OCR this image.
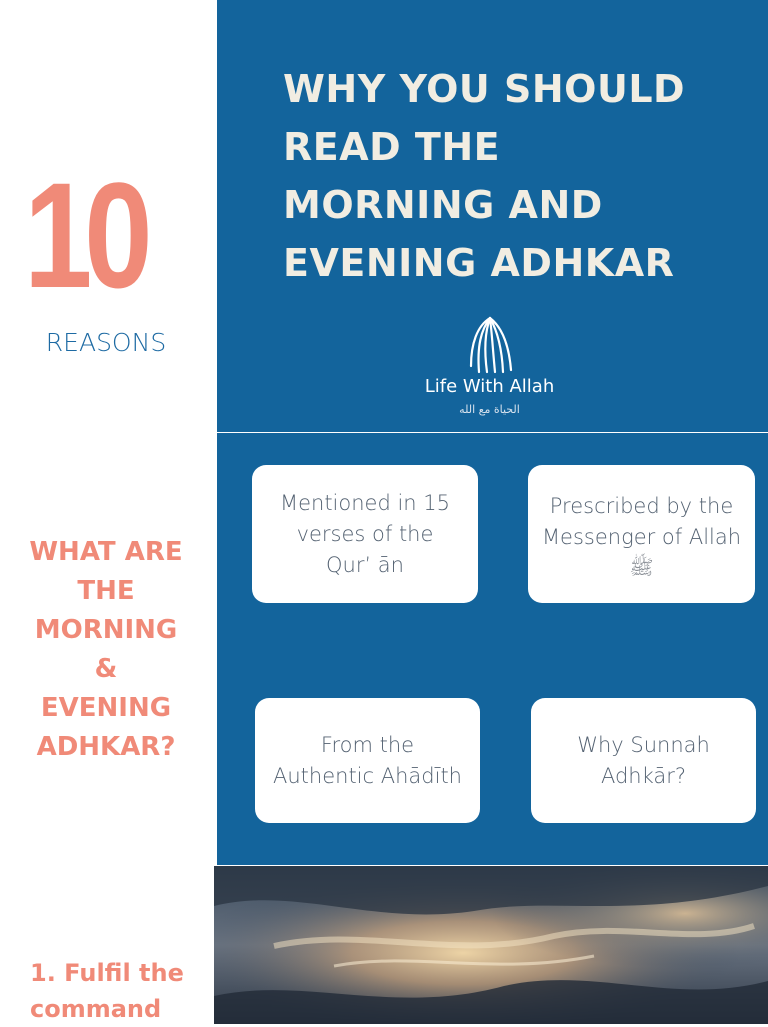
10
REASONS
WHAT ARE
THE
MORNING
&
EVENING
ADHKAR?
1. Fulfil the
command
WHY YOU SHOULD
READ THE
MORNING AND
EVENING ADHKAR
Life With Allah
الحياة مع الله
Mentioned in 15
verses of the
Qur’ ān
Prescribed by the
Messenger of Allah
ﷺ
From the
Authentic Ahādīth
Why Sunnah
Adhkār?
